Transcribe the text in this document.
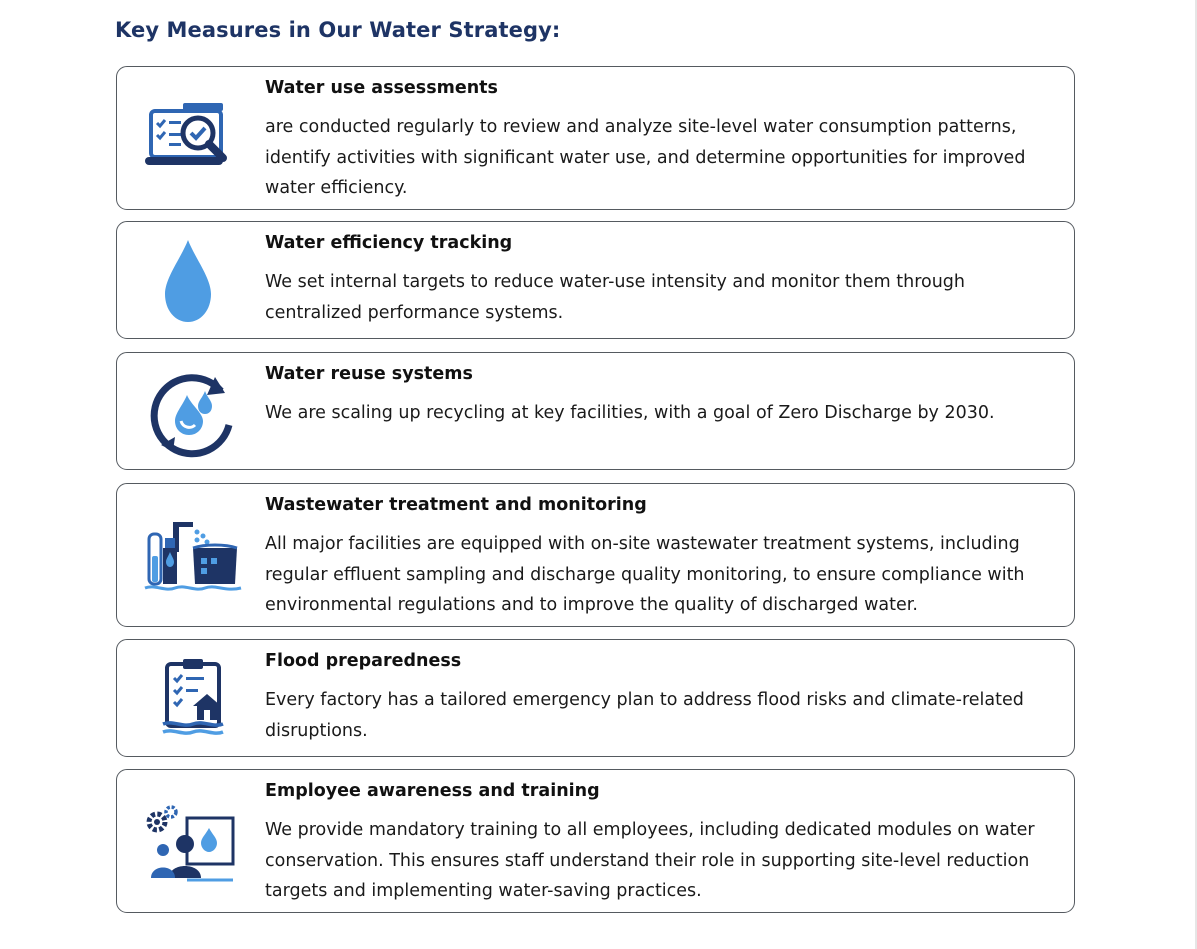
Key Measures in Our Water Strategy:
Water use assessments
are conducted regularly to review and analyze site-level water consumption patterns, identify activities with significant water use, and determine opportunities for improved water efficiency.
Water efficiency tracking
We set internal targets to reduce water-use intensity and monitor them through centralized performance systems.
Water reuse systems
We are scaling up recycling at key facilities, with a goal of Zero Discharge by 2030.
Wastewater treatment and monitoring
All major facilities are equipped with on-site wastewater treatment systems, including regular effluent sampling and discharge quality monitoring, to ensure compliance with environmental regulations and to improve the quality of discharged water.
Flood preparedness
Every factory has a tailored emergency plan to address flood risks and climate-related disruptions.
Employee awareness and training
We provide mandatory training to all employees, including dedicated modules on water conservation. This ensures staff understand their role in supporting site-level reduction targets and implementing water-saving practices.
